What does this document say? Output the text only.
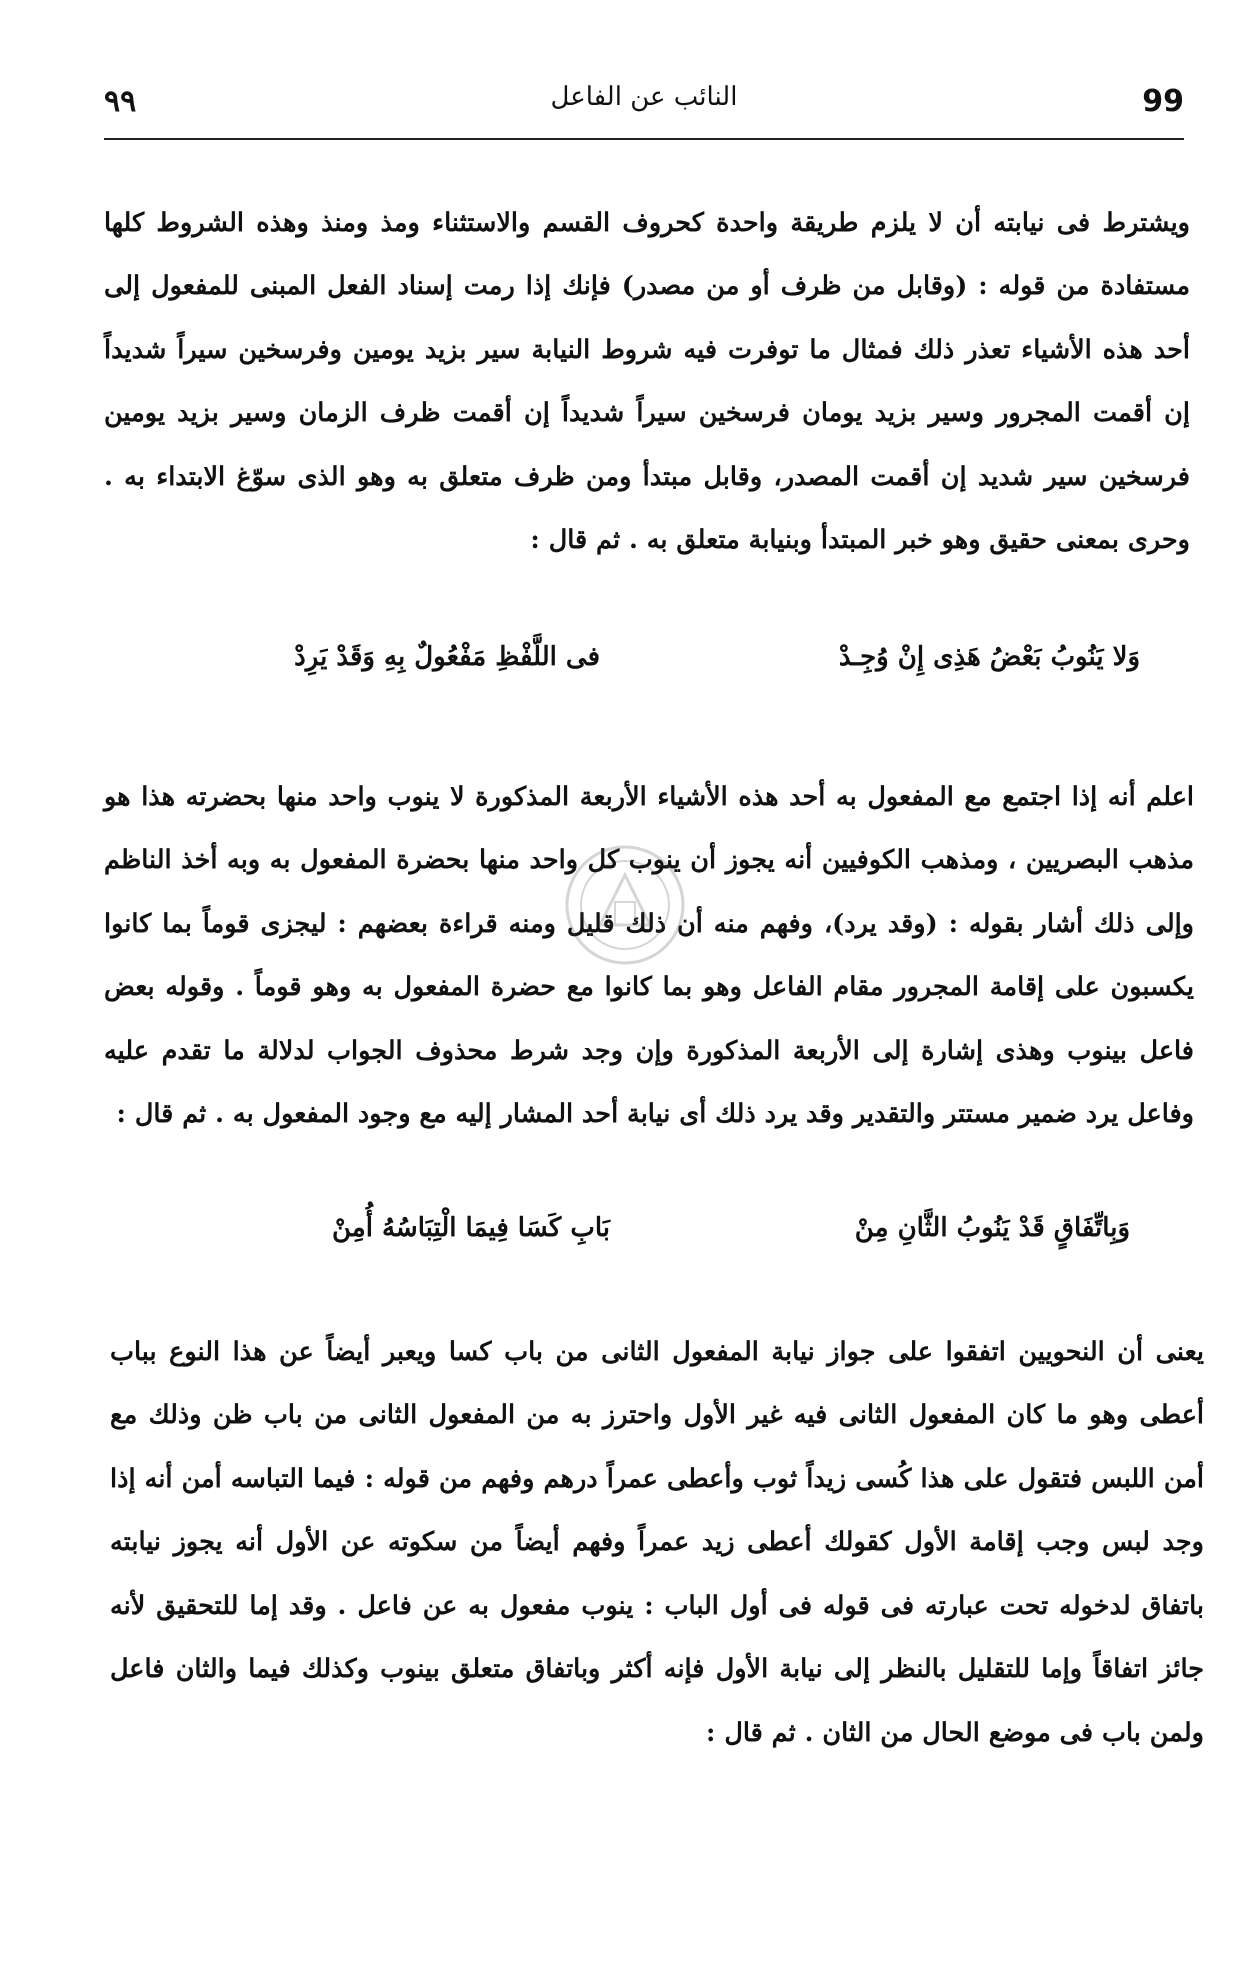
99
النائب عن الفاعل
٩٩

ويشترط فى نيابته أن لا يلزم طريقة واحدة كحروف القسم والاستثناء ومذ ومنذ وهذه الشروط كلها مستفادة من قوله : (وقابل من ظرف أو من مصدر) فإنك إذا رمت إسناد الفعل المبنى للمفعول إلى أحد هذه الأشياء تعذر ذلك فمثال ما توفرت فيه شروط النيابة سير بزيد يومين وفرسخين سيراً شديداً إن أقمت المجرور وسير بزيد يومان فرسخين سيراً شديداً إن أقمت ظرف الزمان وسير بزيد يومين فرسخين سير شديد إن أقمت المصدر، وقابل مبتدأ ومن ظرف متعلق به وهو الذى سوّغ الابتداء به . وحرى بمعنى حقيق وهو خبر المبتدأ وبنيابة متعلق به . ثم قال :

وَلا يَنُوبُ بَعْضُ هَذِى إِنْ وُجِـدْ
فى اللَّفْظِ مَفْعُولٌ بِهِ وَقَدْ يَرِدْ

اعلم أنه إذا اجتمع مع المفعول به أحد هذه الأشياء الأربعة المذكورة لا ينوب واحد منها بحضرته هذا هو مذهب البصريين ، ومذهب الكوفيين أنه يجوز أن ينوب كل واحد منها بحضرة المفعول به وبه أخذ الناظم وإلى ذلك أشار بقوله : (وقد يرد)، وفهم منه أن ذلك قليل ومنه قراءة بعضهم : ليجزى قوماً بما كانوا يكسبون على إقامة المجرور مقام الفاعل وهو بما كانوا مع حضرة المفعول به وهو قوماً . وقوله بعض فاعل بينوب وهذى إشارة إلى الأربعة المذكورة وإن وجد شرط محذوف الجواب لدلالة ما تقدم عليه وفاعل يرد ضمير مستتر والتقدير وقد يرد ذلك أى نيابة أحد المشار إليه مع وجود المفعول به . ثم قال :

وَبِاتِّفَاقٍ قَدْ يَنُوبُ الثَّانِ مِنْ
بَابِ كَسَا فِيمَا الْتِبَاسُهُ أُمِنْ

يعنى أن النحويين اتفقوا على جواز نيابة المفعول الثانى من باب كسا ويعبر أيضاً عن هذا النوع بباب أعطى وهو ما كان المفعول الثانى فيه غير الأول واحترز به من المفعول الثانى من باب ظن وذلك مع أمن اللبس فتقول على هذا كُسى زيداً ثوب وأعطى عمراً درهم وفهم من قوله : فيما التباسه أمن أنه إذا وجد لبس وجب إقامة الأول كقولك أعطى زيد عمراً وفهم أيضاً من سكوته عن الأول أنه يجوز نيابته باتفاق لدخوله تحت عبارته فى قوله فى أول الباب : ينوب مفعول به عن فاعل . وقد إما للتحقيق لأنه جائز اتفاقاً وإما للتقليل بالنظر إلى نيابة الأول فإنه أكثر وباتفاق متعلق بينوب وكذلك فيما والثان فاعل ولمن باب فى موضع الحال من الثان . ثم قال :
